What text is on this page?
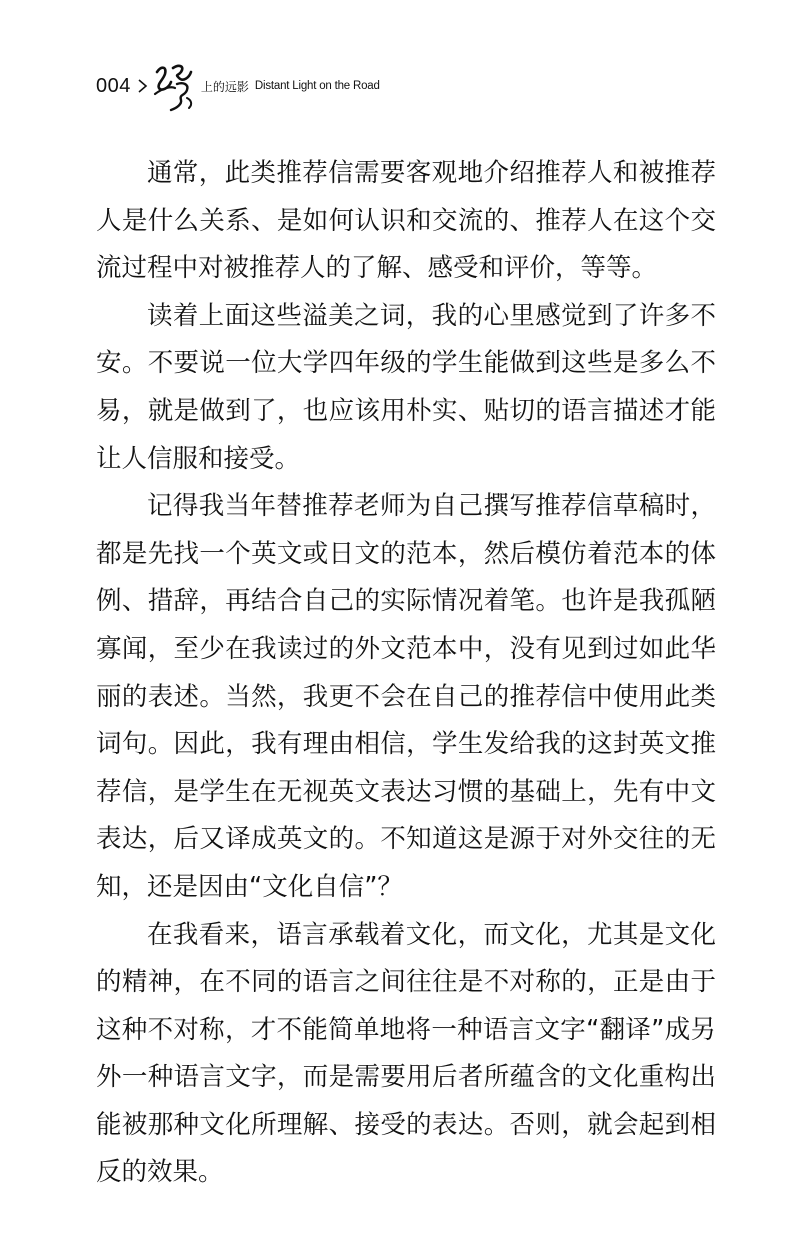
004	上的远影 Distant Light on the Road

通常，此类推荐信需要客观地介绍推荐人和被推荐人是什么关系、是如何认识和交流的、推荐人在这个交流过程中对被推荐人的了解、感受和评价，等等。

读着上面这些溢美之词，我的心里感觉到了许多不安。不要说一位大学四年级的学生能做到这些是多么不易，就是做到了，也应该用朴实、贴切的语言描述才能让人信服和接受。

记得我当年替推荐老师为自己撰写推荐信草稿时，都是先找一个英文或日文的范本，然后模仿着范本的体例、措辞，再结合自己的实际情况着笔。也许是我孤陋寡闻，至少在我读过的外文范本中，没有见到过如此华丽的表述。当然，我更不会在自己的推荐信中使用此类词句。因此，我有理由相信，学生发给我的这封英文推荐信，是学生在无视英文表达习惯的基础上，先有中文表达，后又译成英文的。不知道这是源于对外交往的无知，还是因由“文化自信”？

在我看来，语言承载着文化，而文化，尤其是文化的精神，在不同的语言之间往往是不对称的，正是由于这种不对称，才不能简单地将一种语言文字“翻译”成另外一种语言文字，而是需要用后者所蕴含的文化重构出能被那种文化所理解、接受的表达。否则，就会起到相反的效果。
